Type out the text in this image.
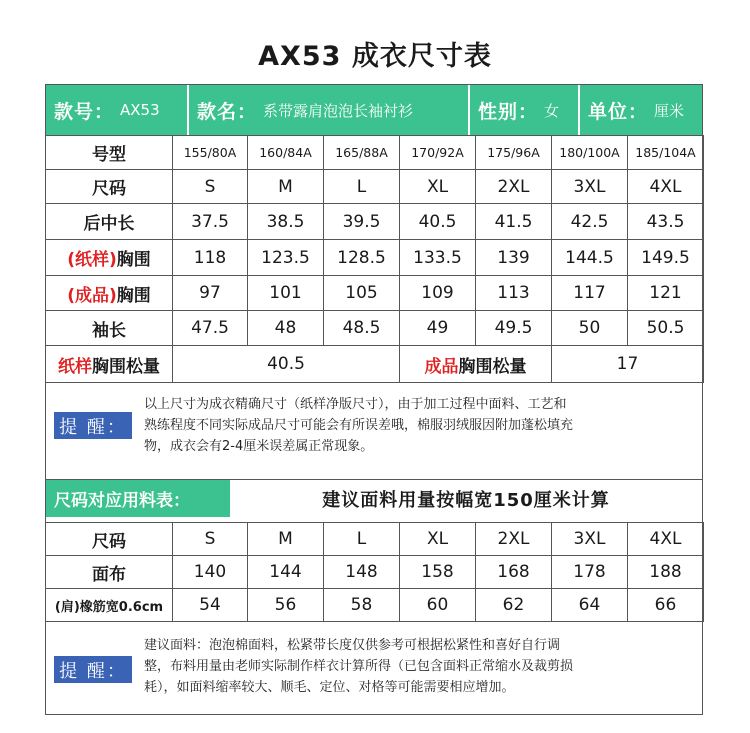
AX53 成衣尺寸表
款号： AX53 款名： 系带露肩泡泡长袖衬衫	性别： 女 单位： 厘米
号型	155/80A	160/84A	165/88A	170/92A	175/96A	180/100A	185/104A
尺码	S	M	L	XL	2XL	3XL	4XL
后中长	37.5	38.5	39.5	40.5	41.5	42.5	43.5
(纸样)胸围	118	123.5	128.5	133.5	139	144.5	149.5
(成品)胸围	97	101	105	109	113	117	121
袖长	47.5	48	48.5	49	49.5	50	50.5
纸样胸围松量	40.5			成品胸围松量		17	
提 醒：
以上尺寸为成衣精确尺寸（纸样净版尺寸），由于加工过程中面料、工艺和
熟练程度不同实际成品尺寸可能会有所误差哦，棉服羽绒服因附加蓬松填充
物，成衣会有2-4厘米误差属正常现象。
尺码对应用料表：	建议面料用量按幅宽150厘米计算
尺码	S	M	L	XL	2XL	3XL	4XL
面布	140	144	148	158	168	178	188
(肩)橡筋宽0.6cm	54	56	58	60	62	64	66
提 醒：
建议面料：泡泡棉面料，松紧带长度仅供参考可根据松紧性和喜好自行调
整，布料用量由老师实际制作样衣计算所得（已包含面料正常缩水及裁剪损
耗），如面料缩率较大、顺毛、定位、对格等可能需要相应增加。
